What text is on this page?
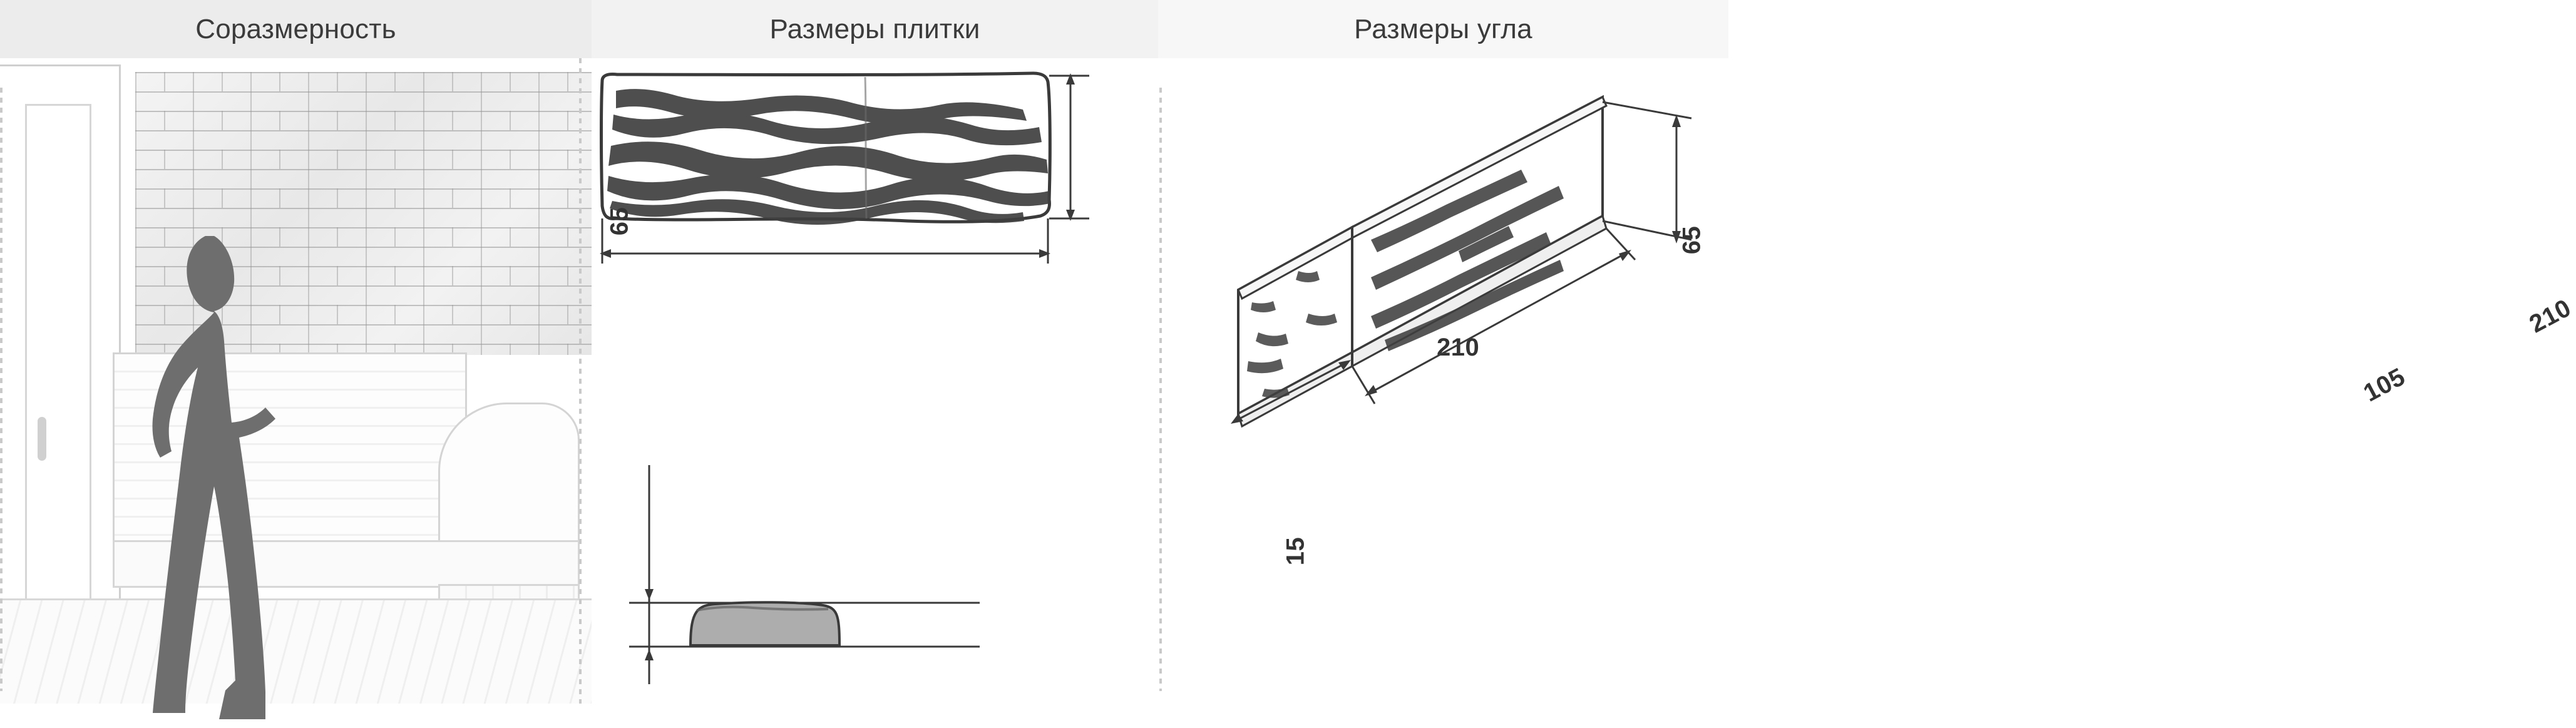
Соразмерность	Размеры плитки
65
15
210
Размеры угла
65
210
105
